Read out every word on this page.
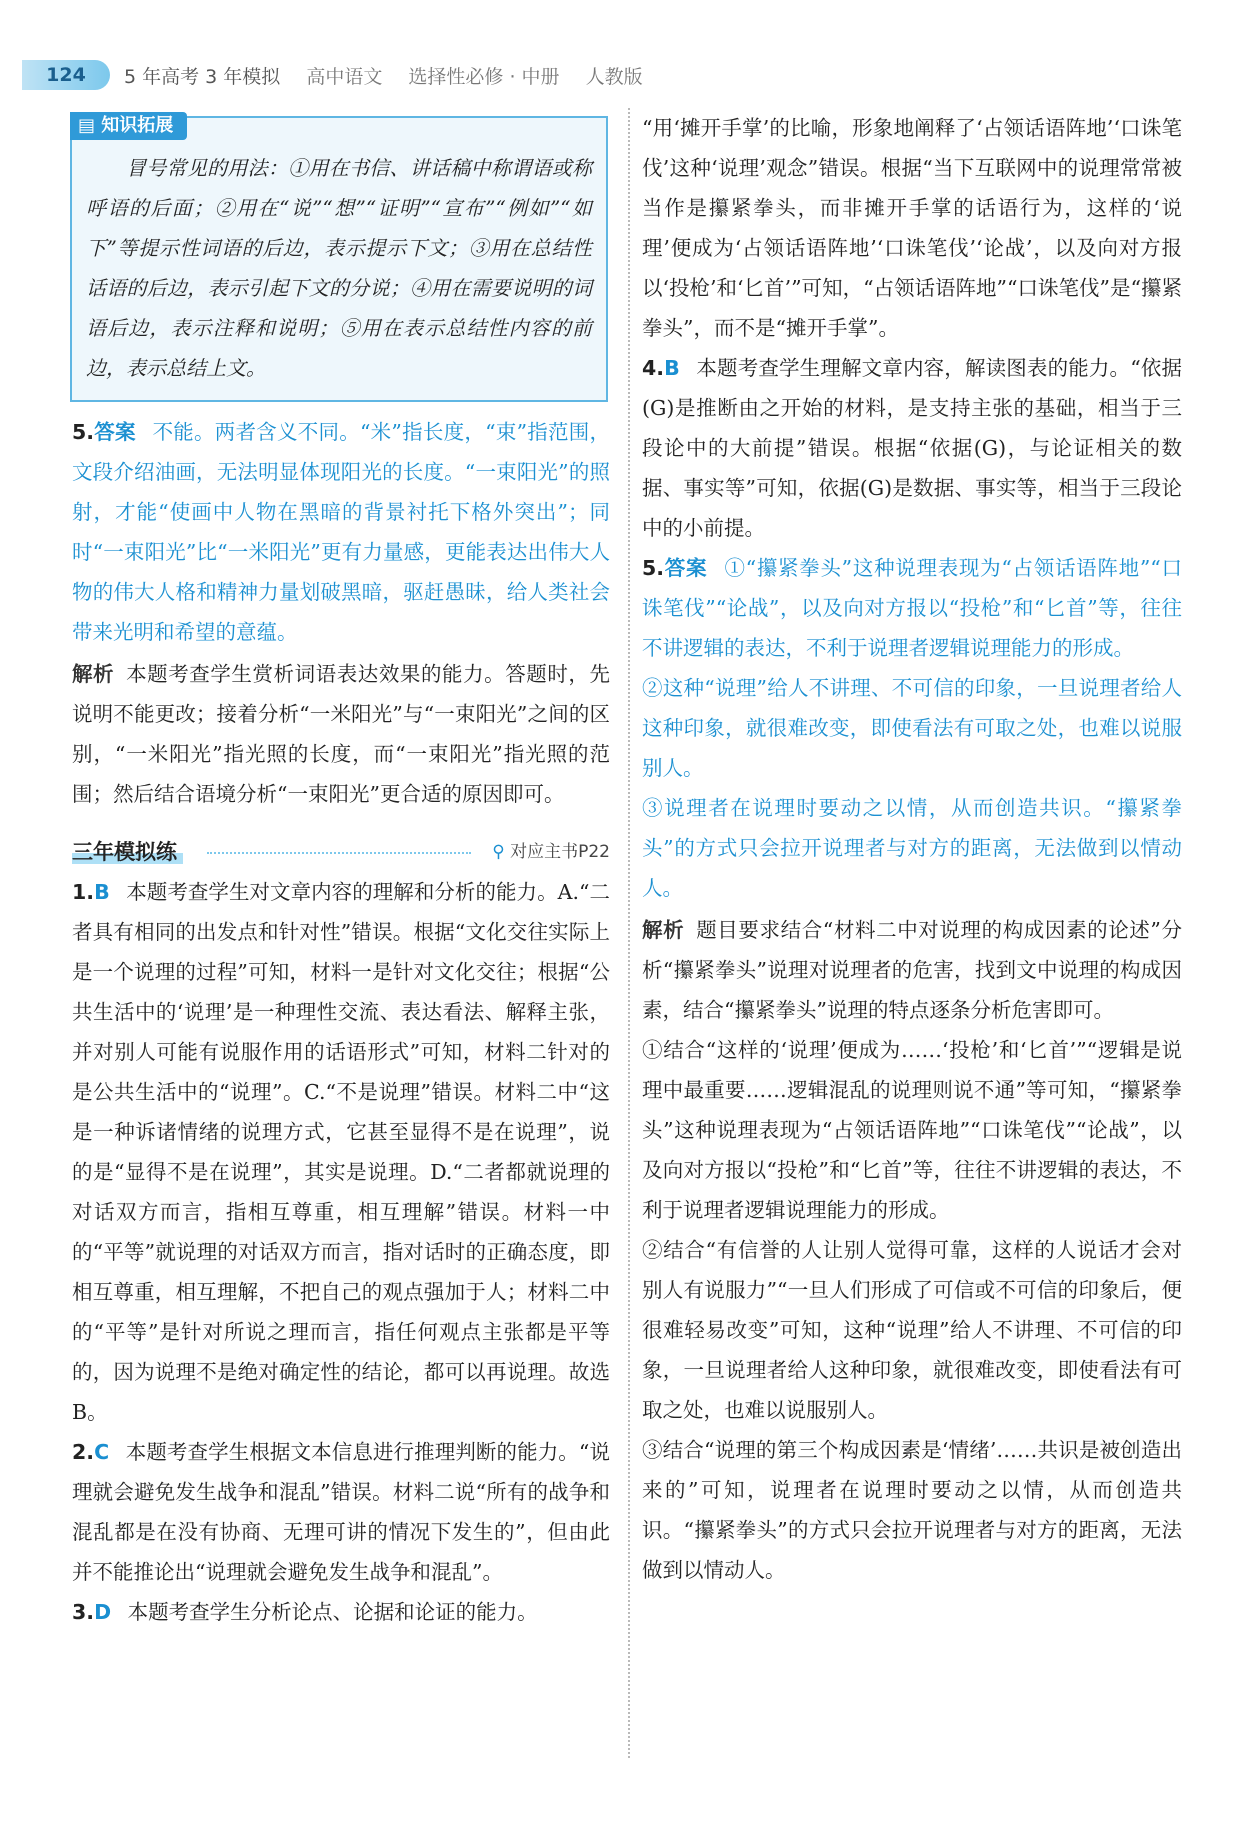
124	5 年高考 3 年模拟 高中语文 选择性必修 · 中册 人教版
▤ 知识拓展

冒号常见的用法：①用在书信、讲话稿中称谓语或称呼语的后面；②用在“说”“想”“证明”“宣布”“例如”“如下”等提示性词语的后边，表示提示下文；③用在总结性话语的后边，表示引起下文的分说；④用在需要说明的词语后边，表示注释和说明；⑤用在表示总结性内容的前边，表示总结上文。

5.答案 不能。两者含义不同。“米”指长度，“束”指范围，文段介绍油画，无法明显体现阳光的长度。“一束阳光”的照射，才能“使画中人物在黑暗的背景衬托下格外突出”；同时“一束阳光”比“一米阳光”更有力量感，更能表达出伟大人物的伟大人格和精神力量划破黑暗，驱赶愚昧，给人类社会带来光明和希望的意蕴。

解析 本题考查学生赏析词语表达效果的能力。答题时，先说明不能更改；接着分析“一米阳光”与“一束阳光”之间的区别，“一米阳光”指光照的长度，而“一束阳光”指光照的范围；然后结合语境分析“一束阳光”更合适的原因即可。

三年模拟练	⚲ 对应主书P22

1.B 本题考查学生对文章内容的理解和分析的能力。A.“二者具有相同的出发点和针对性”错误。根据“文化交往实际上是一个说理的过程”可知，材料一是针对文化交往；根据“公共生活中的‘说理’是一种理性交流、表达看法、解释主张，并对别人可能有说服作用的话语形式”可知，材料二针对的是公共生活中的“说理”。C.“不是说理”错误。材料二中“这是一种诉诸情绪的说理方式，它甚至显得不是在说理”，说的是“显得不是在说理”，其实是说理。D.“二者都就说理的对话双方而言，指相互尊重，相互理解”错误。材料一中的“平等”就说理的对话双方而言，指对话时的正确态度，即相互尊重，相互理解，不把自己的观点强加于人；材料二中的“平等”是针对所说之理而言，指任何观点主张都是平等的，因为说理不是绝对确定性的结论，都可以再说理。故选B。

2.C 本题考查学生根据文本信息进行推理判断的能力。“说理就会避免发生战争和混乱”错误。材料二说“所有的战争和混乱都是在没有协商、无理可讲的情况下发生的”，但由此并不能推论出“说理就会避免发生战争和混乱”。

3.D 本题考查学生分析论点、论据和论证的能力。

“用‘摊开手掌’的比喻，形象地阐释了‘占领话语阵地’‘口诛笔伐’这种‘说理’观念”错误。根据“当下互联网中的说理常常被当作是攥紧拳头，而非摊开手掌的话语行为，这样的‘说理’便成为‘占领话语阵地’‘口诛笔伐’‘论战’，以及向对方报以‘投枪’和‘匕首’”可知，“占领话语阵地”“口诛笔伐”是“攥紧拳头”，而不是“摊开手掌”。

4.B 本题考查学生理解文章内容，解读图表的能力。“依据(G)是推断由之开始的材料，是支持主张的基础，相当于三段论中的大前提”错误。根据“依据(G)，与论证相关的数据、事实等”可知，依据(G)是数据、事实等，相当于三段论中的小前提。

5.答案 ①“攥紧拳头”这种说理表现为“占领话语阵地”“口诛笔伐”“论战”，以及向对方报以“投枪”和“匕首”等，往往不讲逻辑的表达，不利于说理者逻辑说理能力的形成。

②这种“说理”给人不讲理、不可信的印象，一旦说理者给人这种印象，就很难改变，即使看法有可取之处，也难以说服别人。

③说理者在说理时要动之以情，从而创造共识。“攥紧拳头”的方式只会拉开说理者与对方的距离，无法做到以情动人。

解析 题目要求结合“材料二中对说理的构成因素的论述”分析“攥紧拳头”说理对说理者的危害，找到文中说理的构成因素，结合“攥紧拳头”说理的特点逐条分析危害即可。

①结合“这样的‘说理’便成为……‘投枪’和‘匕首’”“逻辑是说理中最重要……逻辑混乱的说理则说不通”等可知，“攥紧拳头”这种说理表现为“占领话语阵地”“口诛笔伐”“论战”，以及向对方报以“投枪”和“匕首”等，往往不讲逻辑的表达，不利于说理者逻辑说理能力的形成。

②结合“有信誉的人让别人觉得可靠，这样的人说话才会对别人有说服力”“一旦人们形成了可信或不可信的印象后，便很难轻易改变”可知，这种“说理”给人不讲理、不可信的印象，一旦说理者给人这种印象，就很难改变，即使看法有可取之处，也难以说服别人。

③结合“说理的第三个构成因素是‘情绪’……共识是被创造出来的”可知，说理者在说理时要动之以情，从而创造共识。“攥紧拳头”的方式只会拉开说理者与对方的距离，无法做到以情动人。
